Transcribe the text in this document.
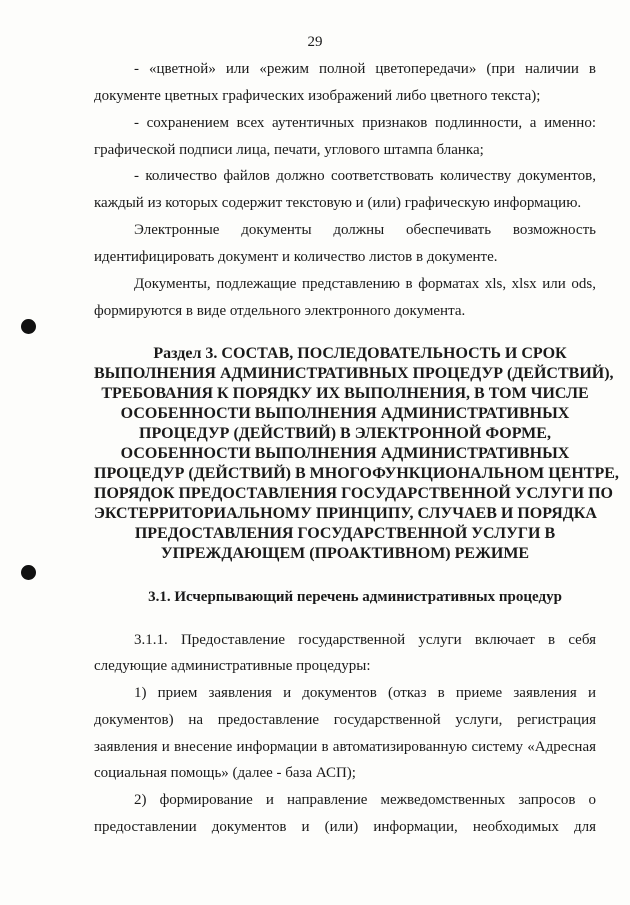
29
- «цветной» или «режим полной цветопередачи» (при наличии в
документе цветных графических изображений либо цветного текста);
- сохранением всех аутентичных признаков подлинности, а именно:
графической подписи лица, печати, углового штампа бланка;
- количество файлов должно соответствовать количеству документов,
каждый из которых содержит текстовую и (или) графическую информацию.
Электронные документы должны обеспечивать возможность
идентифицировать документ и количество листов в документе.
Документы, подлежащие представлению в форматах xls, xlsx или ods,
формируются в виде отдельного электронного документа.
Раздел 3. СОСТАВ, ПОСЛЕДОВАТЕЛЬНОСТЬ И СРОК
ВЫПОЛНЕНИЯ АДМИНИСТРАТИВНЫХ ПРОЦЕДУР (ДЕЙСТВИЙ),
ТРЕБОВАНИЯ К ПОРЯДКУ ИХ ВЫПОЛНЕНИЯ, В ТОМ ЧИСЛЕ
ОСОБЕННОСТИ ВЫПОЛНЕНИЯ АДМИНИСТРАТИВНЫХ
ПРОЦЕДУР (ДЕЙСТВИЙ) В ЭЛЕКТРОННОЙ ФОРМЕ,
ОСОБЕННОСТИ ВЫПОЛНЕНИЯ АДМИНИСТРАТИВНЫХ
ПРОЦЕДУР (ДЕЙСТВИЙ) В МНОГОФУНКЦИОНАЛЬНОМ ЦЕНТРЕ,
ПОРЯДОК ПРЕДОСТАВЛЕНИЯ ГОСУДАРСТВЕННОЙ УСЛУГИ ПО
ЭКСТЕРРИТОРИАЛЬНОМУ ПРИНЦИПУ, СЛУЧАЕВ И ПОРЯДКА
ПРЕДОСТАВЛЕНИЯ ГОСУДАРСТВЕННОЙ УСЛУГИ В
УПРЕЖДАЮЩЕМ (ПРОАКТИВНОМ) РЕЖИМЕ
3.1. Исчерпывающий перечень административных процедур
3.1.1. Предоставление государственной услуги включает в себя
следующие административные процедуры:
1) прием заявления и документов (отказ в приеме заявления и
документов) на предоставление государственной услуги, регистрация
заявления и внесение информации в автоматизированную систему «Адресная
социальная помощь» (далее - база АСП);
2) формирование и направление межведомственных запросов о
предоставлении документов и (или) информации, необходимых для
